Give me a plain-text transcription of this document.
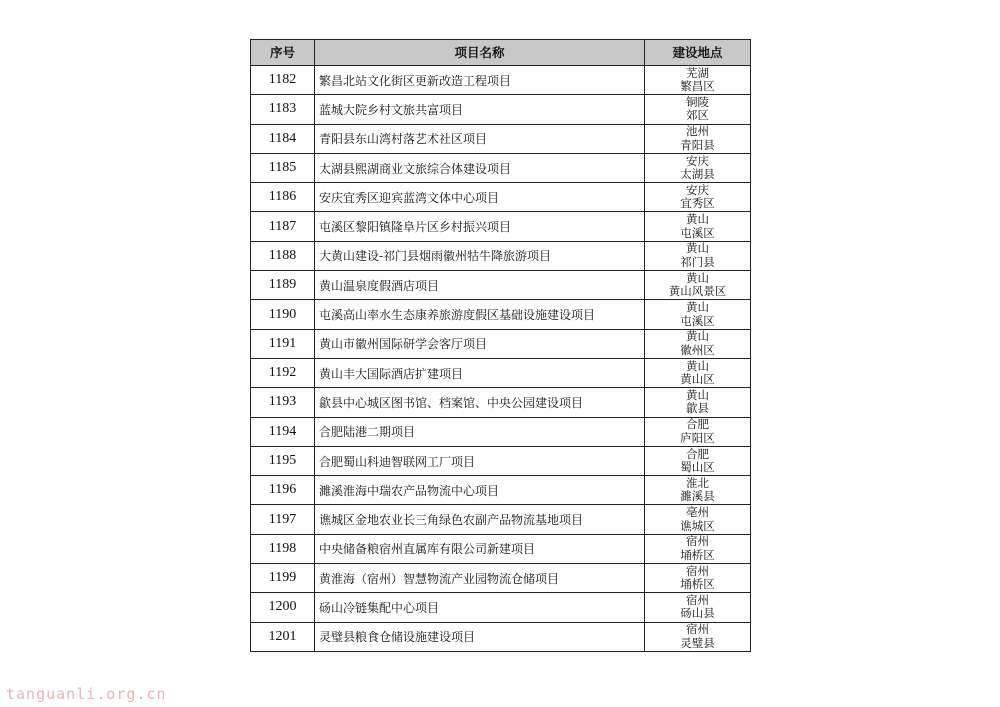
序号	项目名称	建设地点
1182	繁昌北站文化街区更新改造工程项目	芜湖
繁昌区

1183	蓝城大院乡村文旅共富项目	铜陵
郊区

1184	青阳县东山湾村落艺术社区项目	池州
青阳县

1185	太湖县熙湖商业文旅综合体建设项目	安庆
太湖县

1186	安庆宜秀区迎宾蓝湾文体中心项目	安庆
宜秀区

1187	屯溪区黎阳镇隆阜片区乡村振兴项目	黄山
屯溪区

1188	大黄山建设-祁门县烟雨徽州牯牛降旅游项目	黄山
祁门县

1189	黄山温泉度假酒店项目	黄山
黄山风景区

1190	屯溪高山率水生态康养旅游度假区基础设施建设项目	黄山
屯溪区

1191	黄山市徽州国际研学会客厅项目	黄山
徽州区

1192	黄山丰大国际酒店扩建项目	黄山
黄山区

1193	歙县中心城区图书馆、档案馆、中央公园建设项目	黄山
歙县

1194	合肥陆港二期项目	合肥
庐阳区

1195	合肥蜀山科迪智联网工厂项目	合肥
蜀山区

1196	濉溪淮海中瑞农产品物流中心项目	淮北
濉溪县

1197	谯城区金地农业长三角绿色农副产品物流基地项目	亳州
谯城区

1198	中央储备粮宿州直属库有限公司新建项目	宿州
埇桥区

1199	黄淮海（宿州）智慧物流产业园物流仓储项目	宿州
埇桥区

1200	砀山冷链集配中心项目	宿州
砀山县

1201	灵璧县粮食仓储设施建设项目	宿州
灵璧县
tanguanli.org.cn
